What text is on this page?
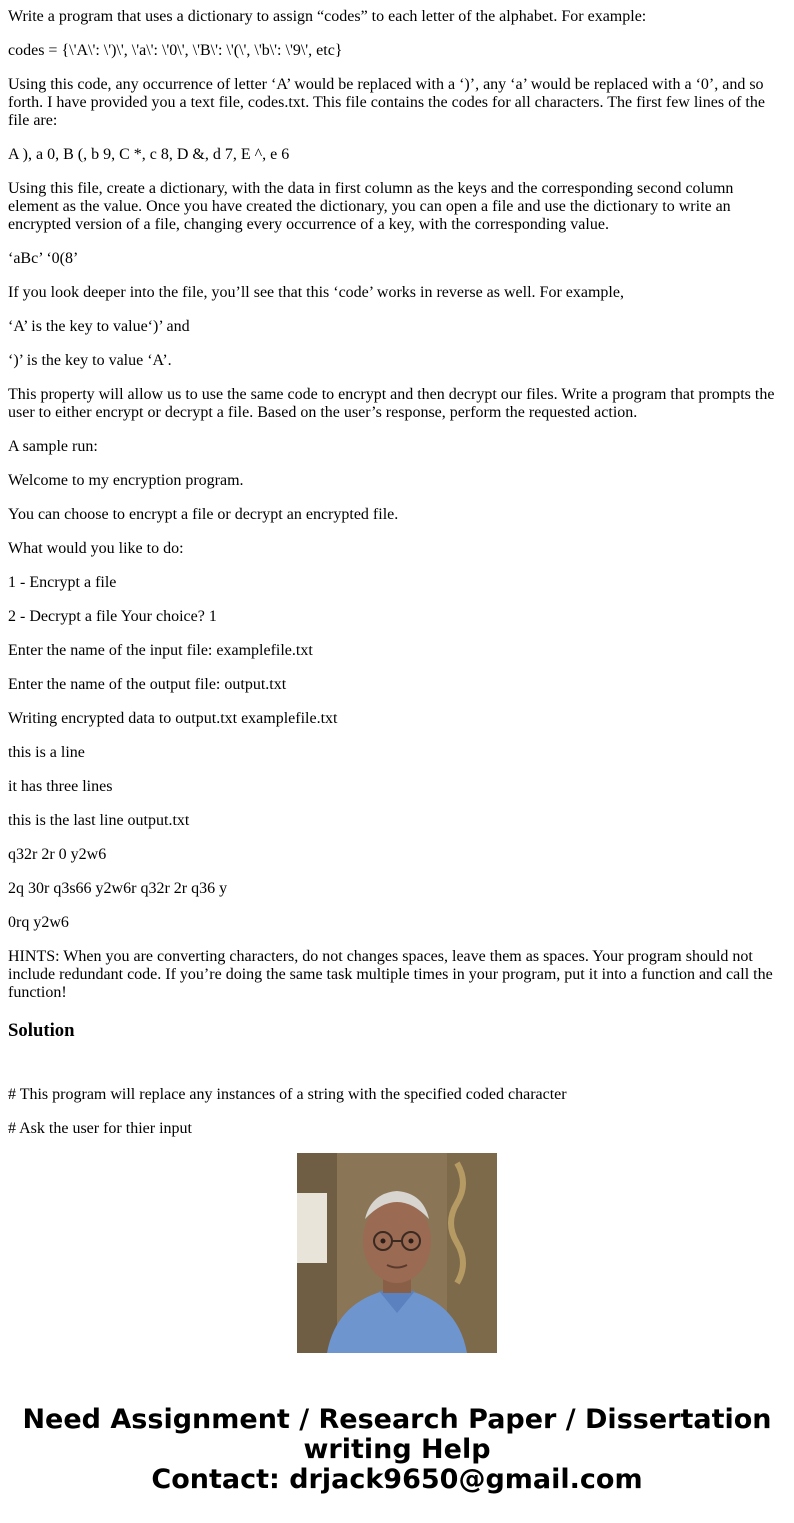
Write a program that uses a dictionary to assign “codes” to each letter of the alphabet. For example:

codes = {\'A\': \')\', \'a\': \'0\', \'B\': \'(\', \'b\': \'9\', etc}

Using this code, any occurrence of letter ‘A’ would be replaced with a ‘)’, any ‘a’ would be replaced with a ‘0’, and so forth. I have provided you a text file, codes.txt. This file contains the codes for all characters. The first few lines of the file are:

A ), a 0, B (, b 9, C *, c 8, D &, d 7, E ^, e 6

Using this file, create a dictionary, with the data in first column as the keys and the corresponding second column element as the value. Once you have created the dictionary, you can open a file and use the dictionary to write an encrypted version of a file, changing every occurrence of a key, with the corresponding value.

‘aBc’ ‘0(8’

If you look deeper into the file, you’ll see that this ‘code’ works in reverse as well. For example,

‘A’ is the key to value‘)’ and

‘)’ is the key to value ‘A’.

This property will allow us to use the same code to encrypt and then decrypt our files. Write a program that prompts the user to either encrypt or decrypt a file. Based on the user’s response, perform the requested action.

A sample run:

Welcome to my encryption program.

You can choose to encrypt a file or decrypt an encrypted file.

What would you like to do:

1 - Encrypt a file

2 - Decrypt a file Your choice? 1

Enter the name of the input file: examplefile.txt

Enter the name of the output file: output.txt

Writing encrypted data to output.txt examplefile.txt

this is a line

it has three lines

this is the last line output.txt

q32r 2r 0 y2w6

2q 30r q3s66 y2w6r q32r 2r q36 y

0rq y2w6

HINTS: When you are converting characters, do not changes spaces, leave them as spaces. Your program should not include redundant code. If you’re doing the same task multiple times in your program, put it into a function and call the function!

Solution

# This program will replace any instances of a string with the specified coded character

# Ask the user for thier input

Need Assignment / Research Paper / Dissertation
writing Help
Contact: drjack9650@gmail.com
